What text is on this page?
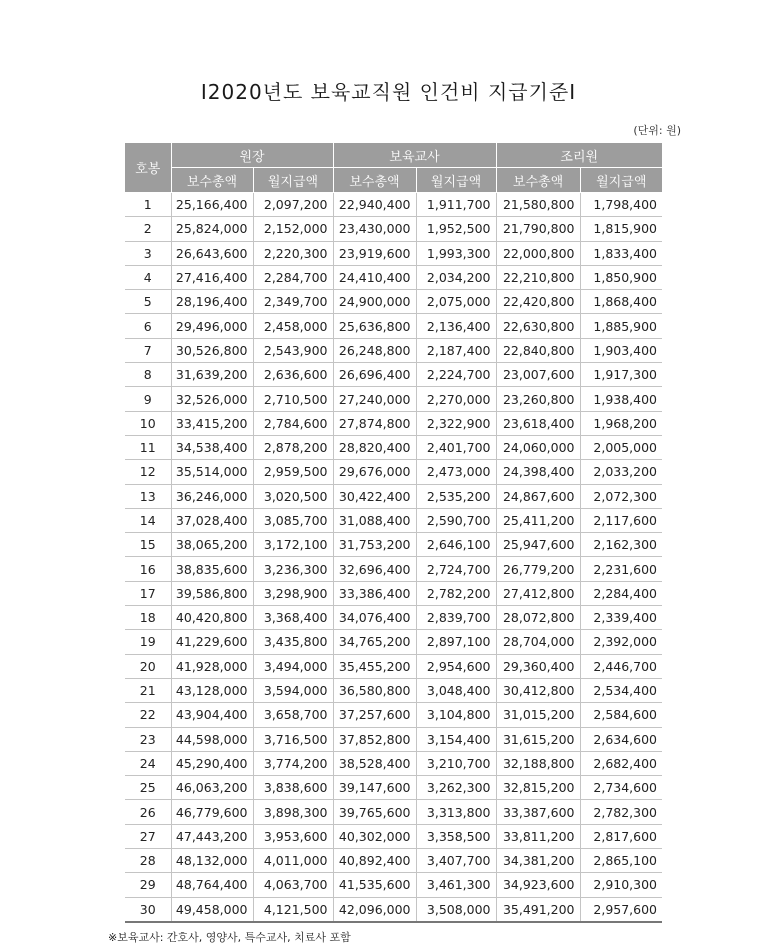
Ⅰ2020년도 보육교직원 인건비 지급기준Ⅰ
(단위: 원)
호봉	원장		보육교사		조리원	
	보수총액	월지급액	보수총액	월지급액	보수총액	월지급액
1	25,166,400	2,097,200	22,940,400	1,911,700	21,580,800	1,798,400
2	25,824,000	2,152,000	23,430,000	1,952,500	21,790,800	1,815,900
3	26,643,600	2,220,300	23,919,600	1,993,300	22,000,800	1,833,400
4	27,416,400	2,284,700	24,410,400	2,034,200	22,210,800	1,850,900
5	28,196,400	2,349,700	24,900,000	2,075,000	22,420,800	1,868,400
6	29,496,000	2,458,000	25,636,800	2,136,400	22,630,800	1,885,900
7	30,526,800	2,543,900	26,248,800	2,187,400	22,840,800	1,903,400
8	31,639,200	2,636,600	26,696,400	2,224,700	23,007,600	1,917,300
9	32,526,000	2,710,500	27,240,000	2,270,000	23,260,800	1,938,400
10	33,415,200	2,784,600	27,874,800	2,322,900	23,618,400	1,968,200
11	34,538,400	2,878,200	28,820,400	2,401,700	24,060,000	2,005,000
12	35,514,000	2,959,500	29,676,000	2,473,000	24,398,400	2,033,200
13	36,246,000	3,020,500	30,422,400	2,535,200	24,867,600	2,072,300
14	37,028,400	3,085,700	31,088,400	2,590,700	25,411,200	2,117,600
15	38,065,200	3,172,100	31,753,200	2,646,100	25,947,600	2,162,300
16	38,835,600	3,236,300	32,696,400	2,724,700	26,779,200	2,231,600
17	39,586,800	3,298,900	33,386,400	2,782,200	27,412,800	2,284,400
18	40,420,800	3,368,400	34,076,400	2,839,700	28,072,800	2,339,400
19	41,229,600	3,435,800	34,765,200	2,897,100	28,704,000	2,392,000
20	41,928,000	3,494,000	35,455,200	2,954,600	29,360,400	2,446,700
21	43,128,000	3,594,000	36,580,800	3,048,400	30,412,800	2,534,400
22	43,904,400	3,658,700	37,257,600	3,104,800	31,015,200	2,584,600
23	44,598,000	3,716,500	37,852,800	3,154,400	31,615,200	2,634,600
24	45,290,400	3,774,200	38,528,400	3,210,700	32,188,800	2,682,400
25	46,063,200	3,838,600	39,147,600	3,262,300	32,815,200	2,734,600
26	46,779,600	3,898,300	39,765,600	3,313,800	33,387,600	2,782,300
27	47,443,200	3,953,600	40,302,000	3,358,500	33,811,200	2,817,600
28	48,132,000	4,011,000	40,892,400	3,407,700	34,381,200	2,865,100
29	48,764,400	4,063,700	41,535,600	3,461,300	34,923,600	2,910,300
30	49,458,000	4,121,500	42,096,000	3,508,000	35,491,200	2,957,600
※보육교사: 간호사, 영양사, 특수교사, 치료사 포함
